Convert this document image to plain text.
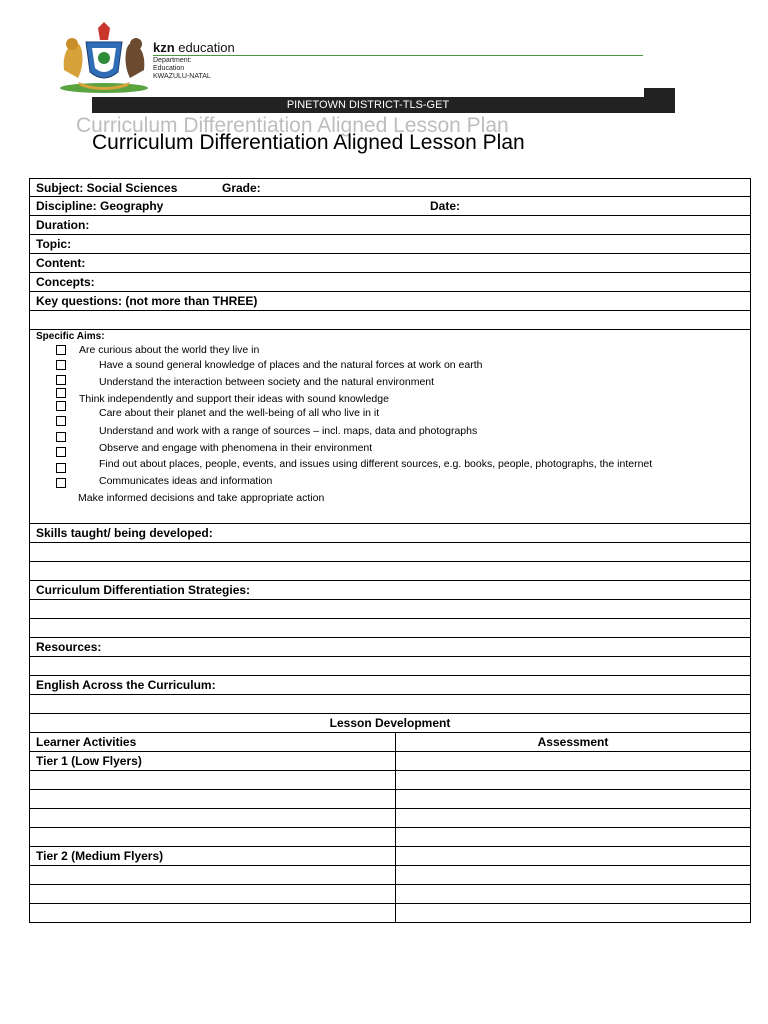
kzn education
Department:
Education
KWAZULU-NATAL
PINETOWN DISTRICT-TLS-GET
Curriculum Differentiation Aligned Lesson Plan
Curriculum Differentiation Aligned Lesson Plan
Subject: Social Sciences	Grade:
Discipline: Geography	Date:
Duration:
Topic:
Content:
Concepts:
Key questions: (not more than THREE)
Specific Aims:
Are curious about the world they live in
Have a sound general knowledge of places and the natural forces at work on earth
Understand the interaction between society and the natural environment
Think independently and support their ideas with sound knowledge
Care about their planet and the well-being of all who live in it
Understand and work with a range of sources – incl. maps, data and photographs
Observe and engage with phenomena in their environment
Find out about places, people, events, and issues using different sources, e.g. books, people, photographs, the internet
Communicates ideas and information
Make informed decisions and take appropriate action
Skills taught/ being developed:
Curriculum Differentiation Strategies:
Resources:
English Across the Curriculum:
Lesson Development
Learner Activities	Assessment
Tier 1 (Low Flyers)
Tier 2 (Medium Flyers)
